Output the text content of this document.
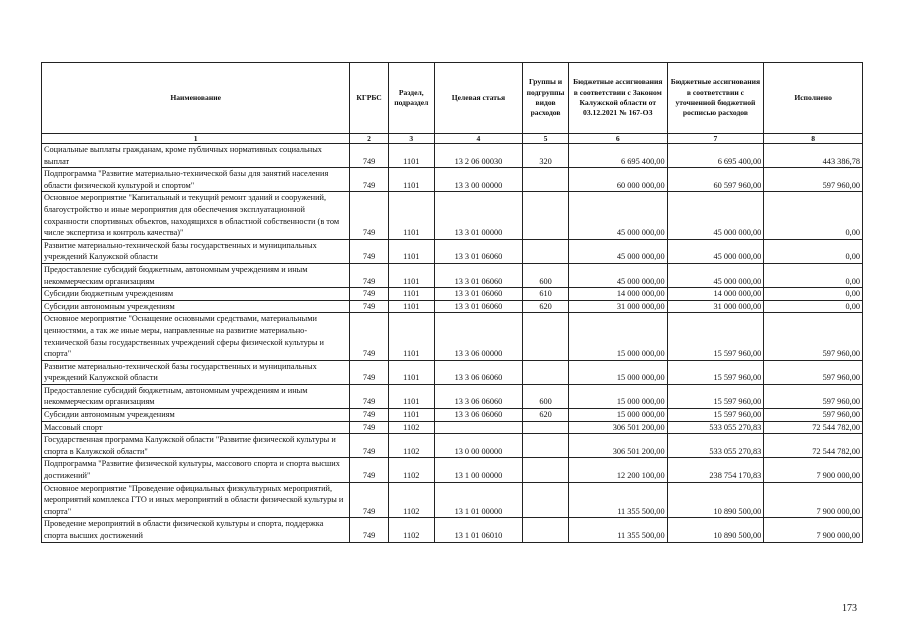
Наименование	КГРБС	Раздел, подраздел	Целевая статья	Группы и подгруппы видов расходов	Бюджетные ассигнования в соответствии с Законом Калужской области от 03.12.2021 № 167-ОЗ	Бюджетные ассигнования в соответствии с уточненной бюджетной росписью расходов	Исполнено
1	2	3	4	5	6	7	8
Социальные выплаты гражданам, кроме публичных нормативных социальных выплат	749	1101	13 2 06 00030	320	6 695 400,00	6 695 400,00	443 386,78
Подпрограмма "Развитие материально-технической базы для занятий населения области физической культурой и спортом"	749	1101	13 3 00 00000		60 000 000,00	60 597 960,00	597 960,00
Основное мероприятие "Капитальный и текущий ремонт зданий и сооружений, благоустройство и иные мероприятия для обеспечения эксплуатационной сохранности спортивных объектов, находящихся в областной собственности (в том числе экспертиза и контроль качества)"	749	1101	13 3 01 00000		45 000 000,00	45 000 000,00	0,00
Развитие материально-технической базы государственных и муниципальных учреждений Калужской области	749	1101	13 3 01 06060		45 000 000,00	45 000 000,00	0,00
Предоставление субсидий бюджетным, автономным учреждениям и иным некоммерческим организациям	749	1101	13 3 01 06060	600	45 000 000,00	45 000 000,00	0,00
Субсидии бюджетным учреждениям	749	1101	13 3 01 06060	610	14 000 000,00	14 000 000,00	0,00
Субсидии автономным учреждениям	749	1101	13 3 01 06060	620	31 000 000,00	31 000 000,00	0,00
Основное мероприятие "Оснащение основными средствами, материальными ценностями, а так же иные меры, направленные на развитие материально-технической базы государственных учреждений сферы физической культуры и спорта"	749	1101	13 3 06 00000		15 000 000,00	15 597 960,00	597 960,00
Развитие материально-технической базы государственных и муниципальных учреждений Калужской области	749	1101	13 3 06 06060		15 000 000,00	15 597 960,00	597 960,00
Предоставление субсидий бюджетным, автономным учреждениям и иным некоммерческим организациям	749	1101	13 3 06 06060	600	15 000 000,00	15 597 960,00	597 960,00
Субсидии автономным учреждениям	749	1101	13 3 06 06060	620	15 000 000,00	15 597 960,00	597 960,00
Массовый спорт	749	1102			306 501 200,00	533 055 270,83	72 544 782,00
Государственная программа Калужской области "Развитие физической культуры и спорта в Калужской области"	749	1102	13 0 00 00000		306 501 200,00	533 055 270,83	72 544 782,00
Подпрограмма "Развитие физической культуры, массового спорта и спорта высших достижений"	749	1102	13 1 00 00000		12 200 100,00	238 754 170,83	7 900 000,00
Основное мероприятие "Проведение официальных физкультурных мероприятий, мероприятий комплекса ГТО и иных мероприятий в области физической культуры и спорта"	749	1102	13 1 01 00000		11 355 500,00	10 890 500,00	7 900 000,00
Проведение мероприятий в области физической культуры и спорта, поддержка спорта высших достижений	749	1102	13 1 01 06010		11 355 500,00	10 890 500,00	7 900 000,00
173
